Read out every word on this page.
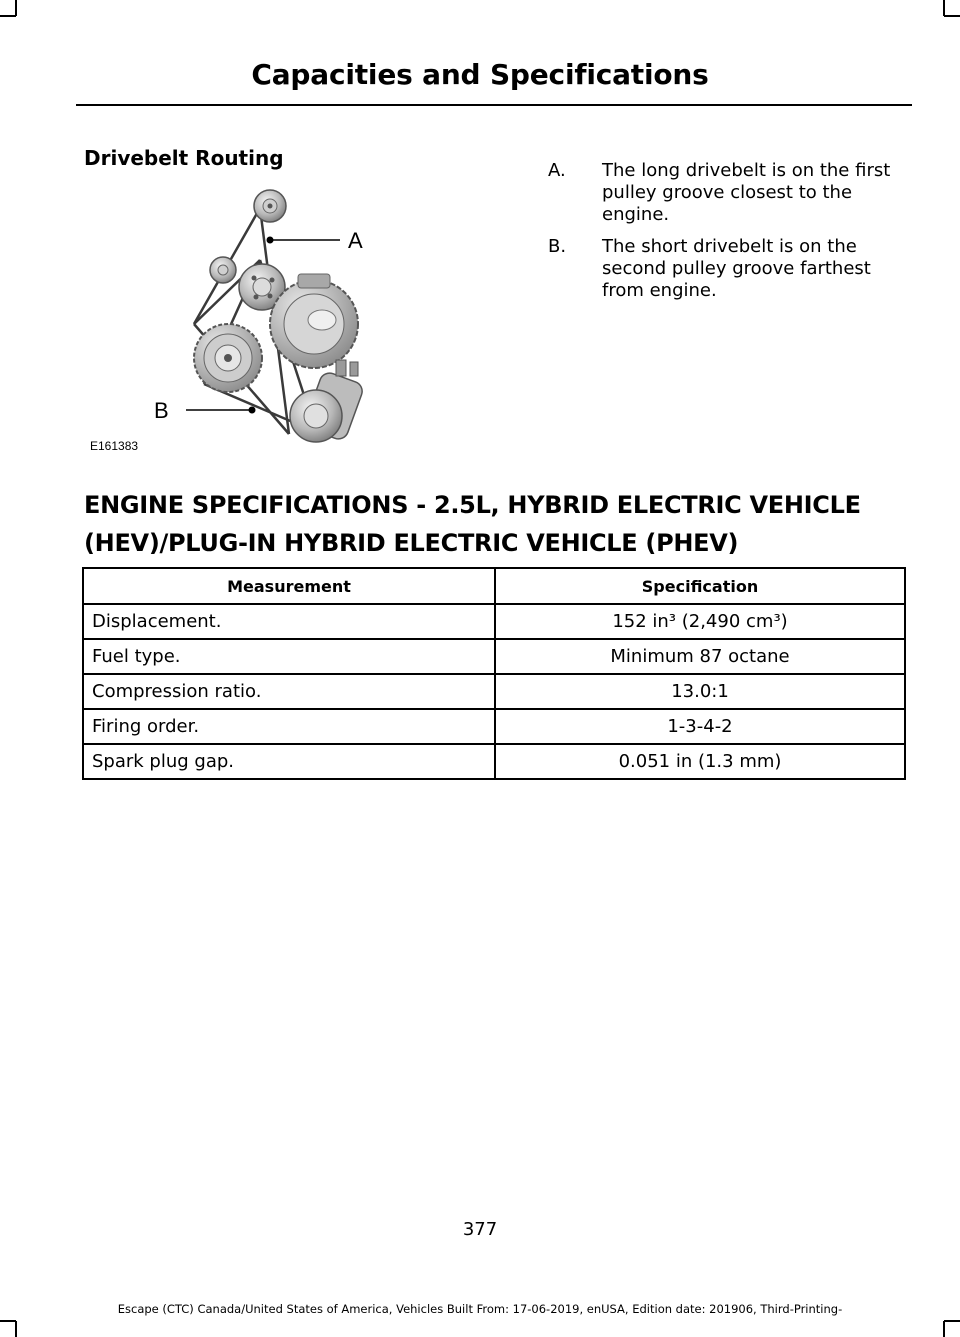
Capacities and Specifications
Drivebelt Routing
A
B
E161383
A.	The long drivebelt is on the first pulley groove closest to the engine.
B.	The short drivebelt is on the second pulley groove farthest from engine.
ENGINE SPECIFICATIONS - 2.5L, HYBRID ELECTRIC VEHICLE (HEV)/PLUG-IN HYBRID ELECTRIC VEHICLE (PHEV)
Measurement	Specification
Displacement.	152 in³ (2,490 cm³)
Fuel type.	Minimum 87 octane
Compression ratio.	13.0:1
Firing order.	1-3-4-2
Spark plug gap.	0.051 in (1.3 mm)
377
Escape (CTC) Canada/United States of America, Vehicles Built From: 17-06-2019, enUSA, Edition date: 201906, Third-Printing-
